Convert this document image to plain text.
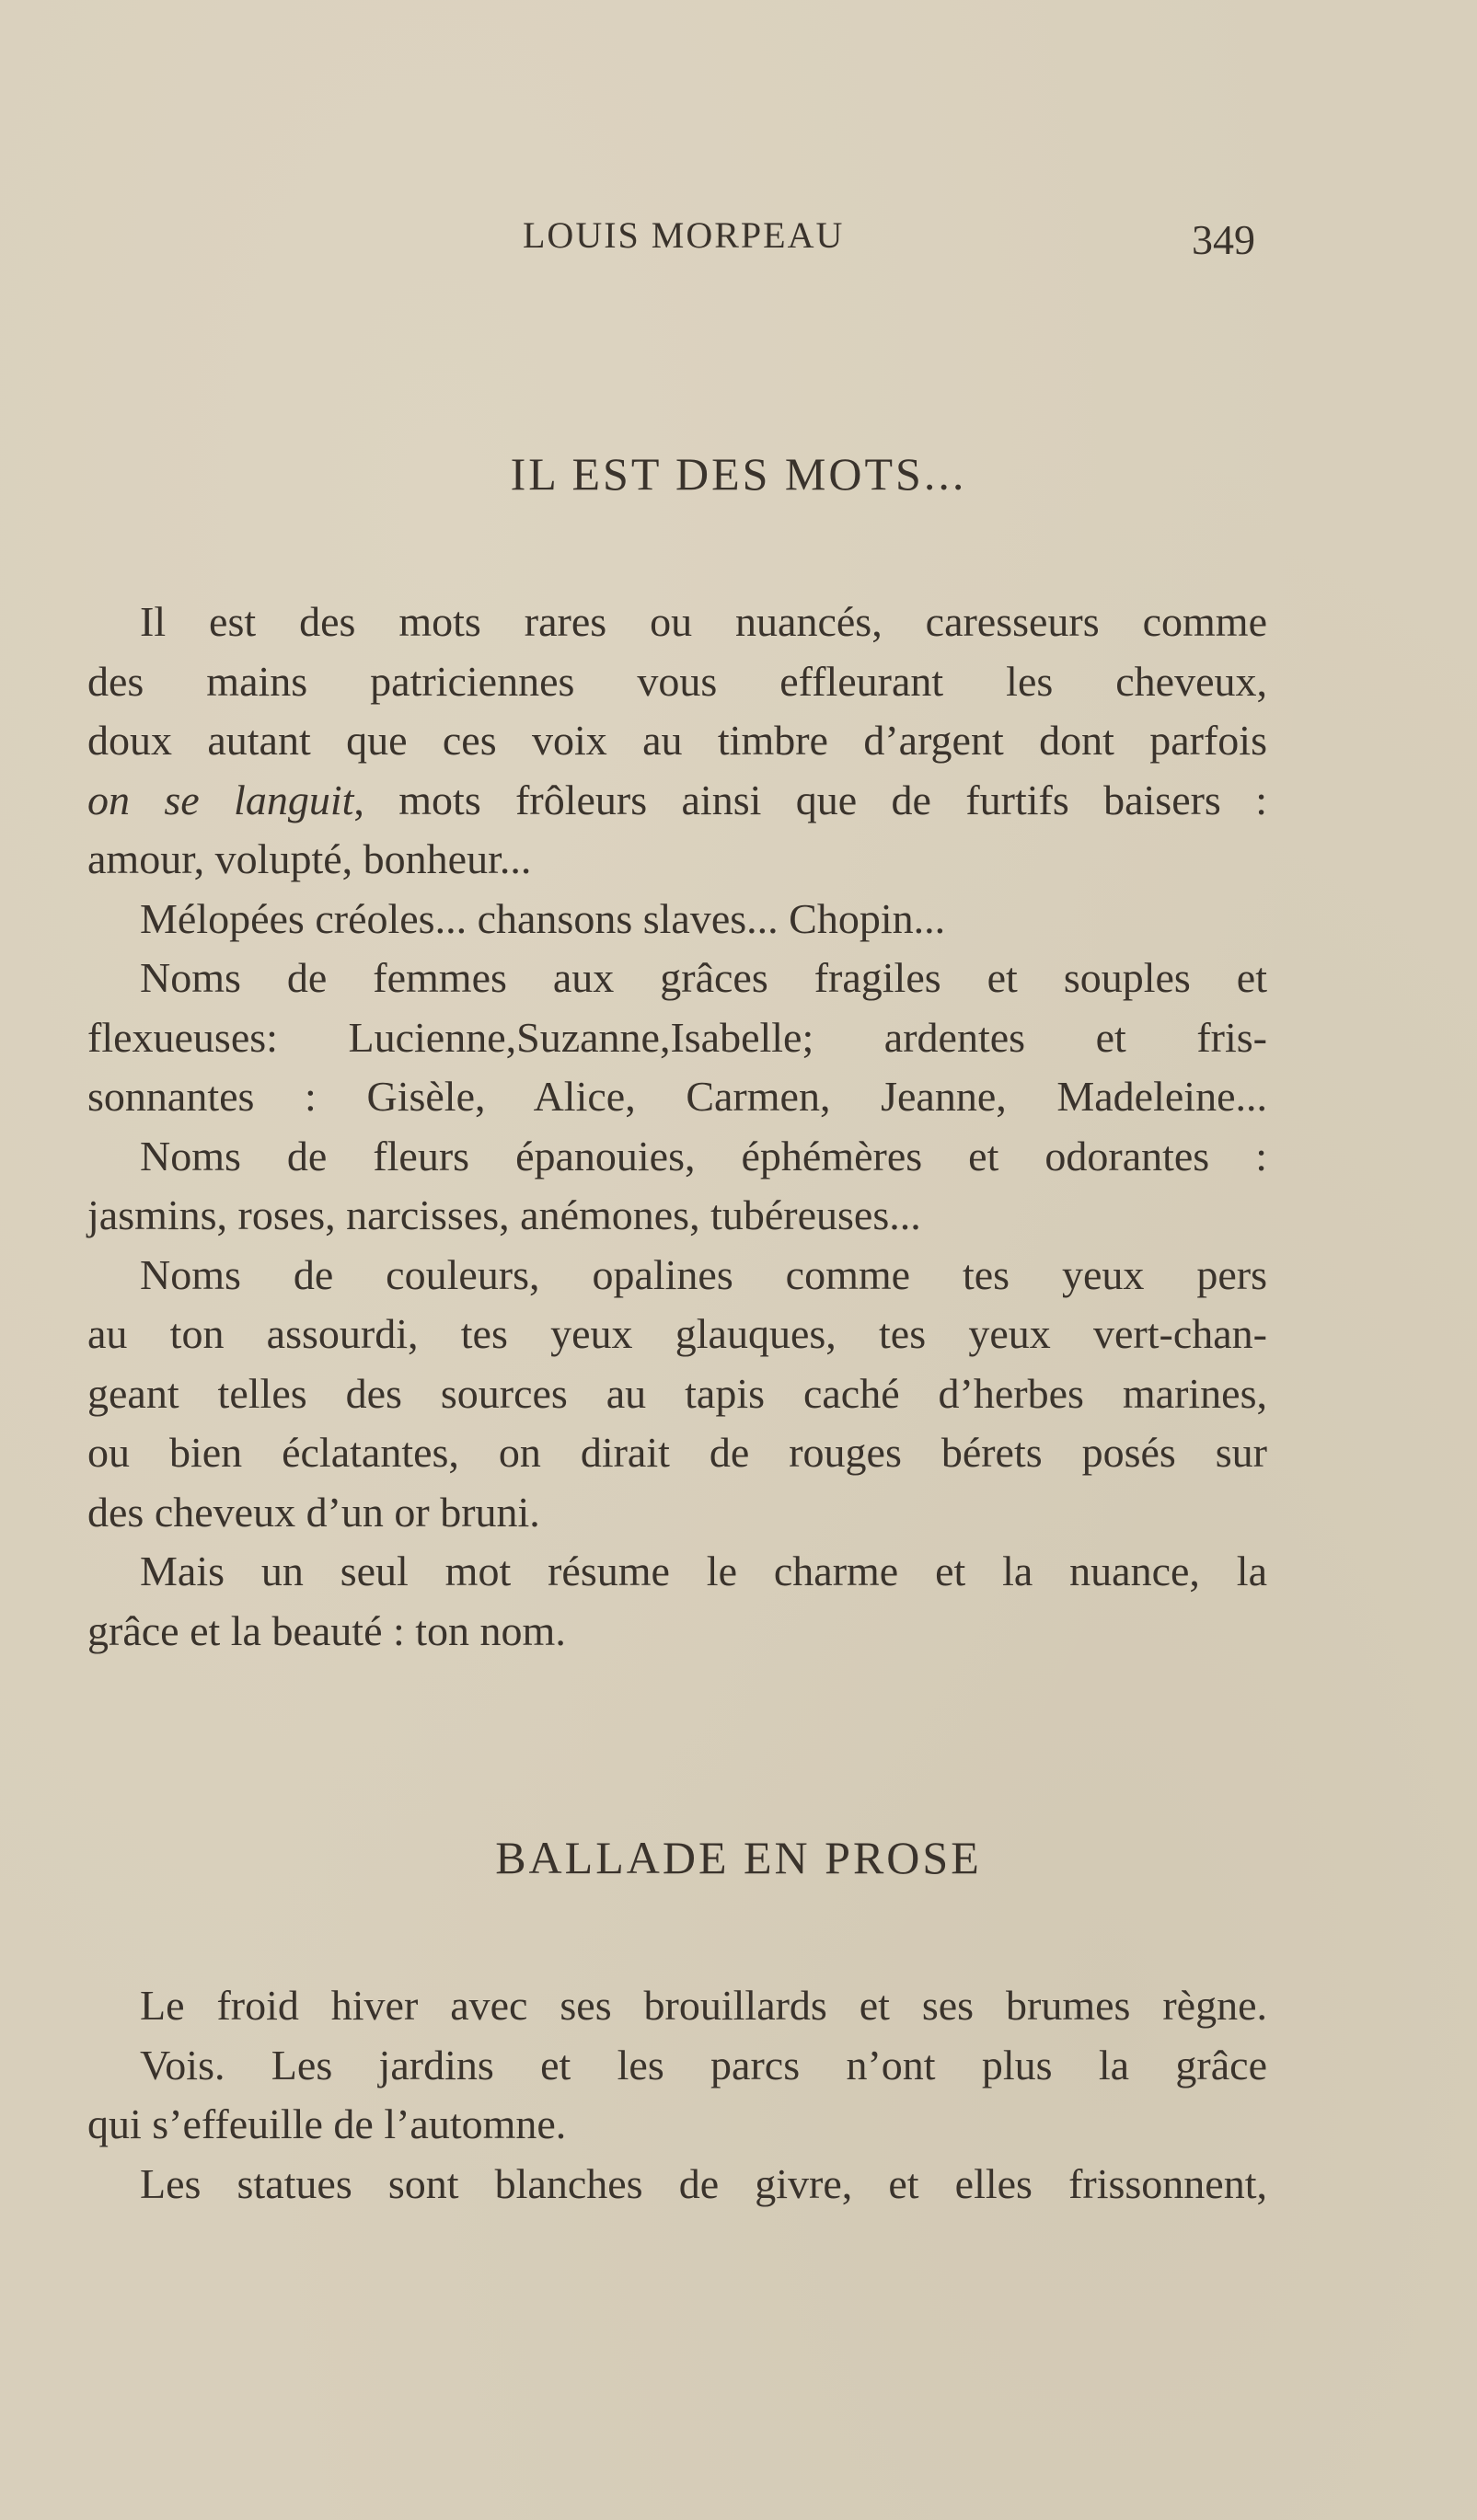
LOUIS MORPEAU	349
IL EST DES MOTS...
Il est des mots rares ou nuancés, caresseurs comme
des mains patriciennes vous effleurant les cheveux,
doux autant que ces voix au timbre d’argent dont parfois
on se languit, mots frôleurs ainsi que de furtifs baisers :
amour, volupté, bonheur...
Mélopées créoles... chansons slaves... Chopin...
Noms de femmes aux grâces fragiles et souples et
flexueuses: Lucienne,Suzanne,Isabelle; ardentes et fris-
sonnantes : Gisèle, Alice, Carmen, Jeanne, Madeleine...
Noms de fleurs épanouies, éphémères et odorantes :
jasmins, roses, narcisses, anémones, tubéreuses...
Noms de couleurs, opalines comme tes yeux pers
au ton assourdi, tes yeux glauques, tes yeux vert-chan-
geant telles des sources au tapis caché d’herbes marines,
ou bien éclatantes, on dirait de rouges bérets posés sur
des cheveux d’un or bruni.
Mais un seul mot résume le charme et la nuance, la
grâce et la beauté : ton nom.
BALLADE EN PROSE
Le froid hiver avec ses brouillards et ses brumes règne.
Vois. Les jardins et les parcs n’ont plus la grâce
qui s’effeuille de l’automne.
Les statues sont blanches de givre, et elles frissonnent,
